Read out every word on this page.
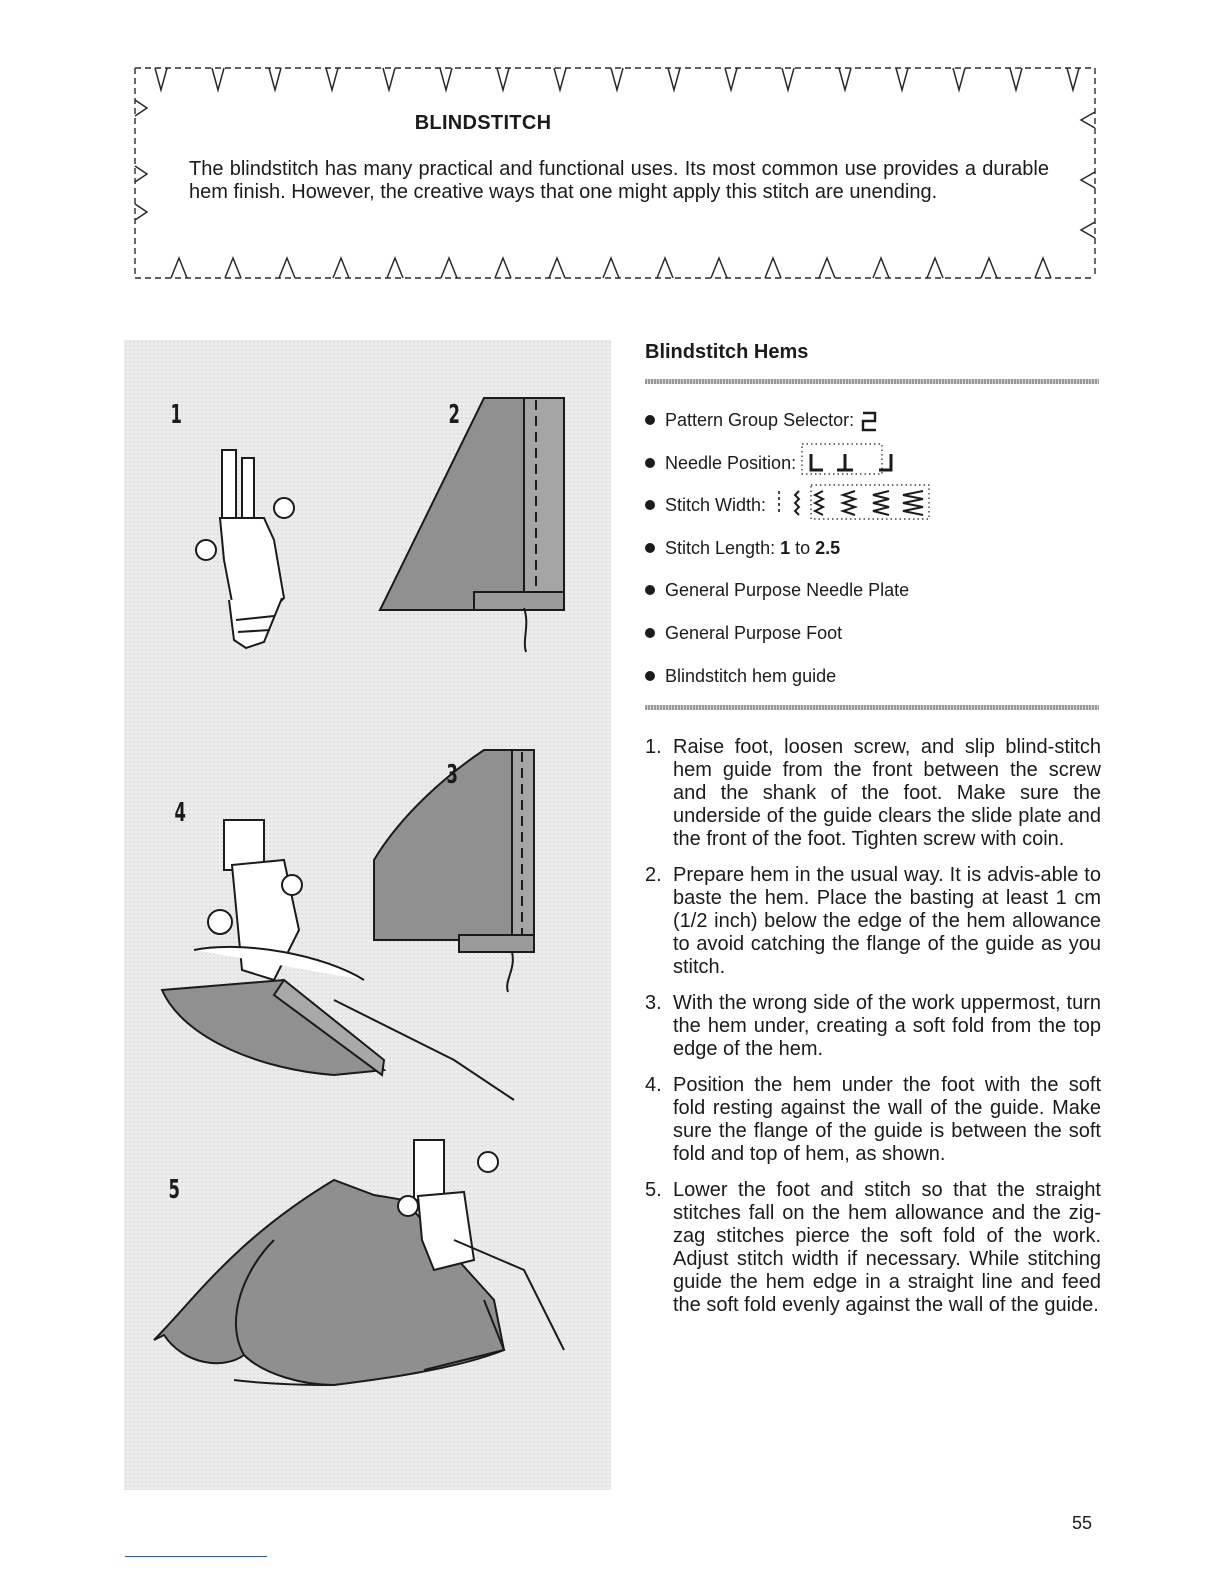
BLINDSTITCH

The blindstitch has many practical and functional uses. Its most common use provides a durable hem finish. However, the creative ways that one might apply this stitch are unending.

1	2
3
4
5
Blindstitch Hems
Pattern Group Selector:
Needle Position:
Stitch Width:
Stitch Length: 1 to 2.5
General Purpose Needle Plate
General Purpose Foot
Blindstitch hem guide
1. Raise foot, loosen screw, and slip blind-stitch hem guide from the front between the screw and the shank of the foot. Make sure the underside of the guide clears the slide plate and the front of the foot. Tighten screw with coin.
2. Prepare hem in the usual way. It is advis-able to baste the hem. Place the basting at least 1 cm (1/2 inch) below the edge of the hem allowance to avoid catching the flange of the guide as you stitch.
3. With the wrong side of the work uppermost, turn the hem under, creating a soft fold from the top edge of the hem.
4. Position the hem under the foot with the soft fold resting against the wall of the guide. Make sure the flange of the guide is between the soft fold and top of hem, as shown.
5. Lower the foot and stitch so that the straight stitches fall on the hem allowance and the zig-zag stitches pierce the soft fold of the work. Adjust stitch width if necessary. While stitching guide the hem edge in a straight line and feed the soft fold evenly against the wall of the guide.

55
